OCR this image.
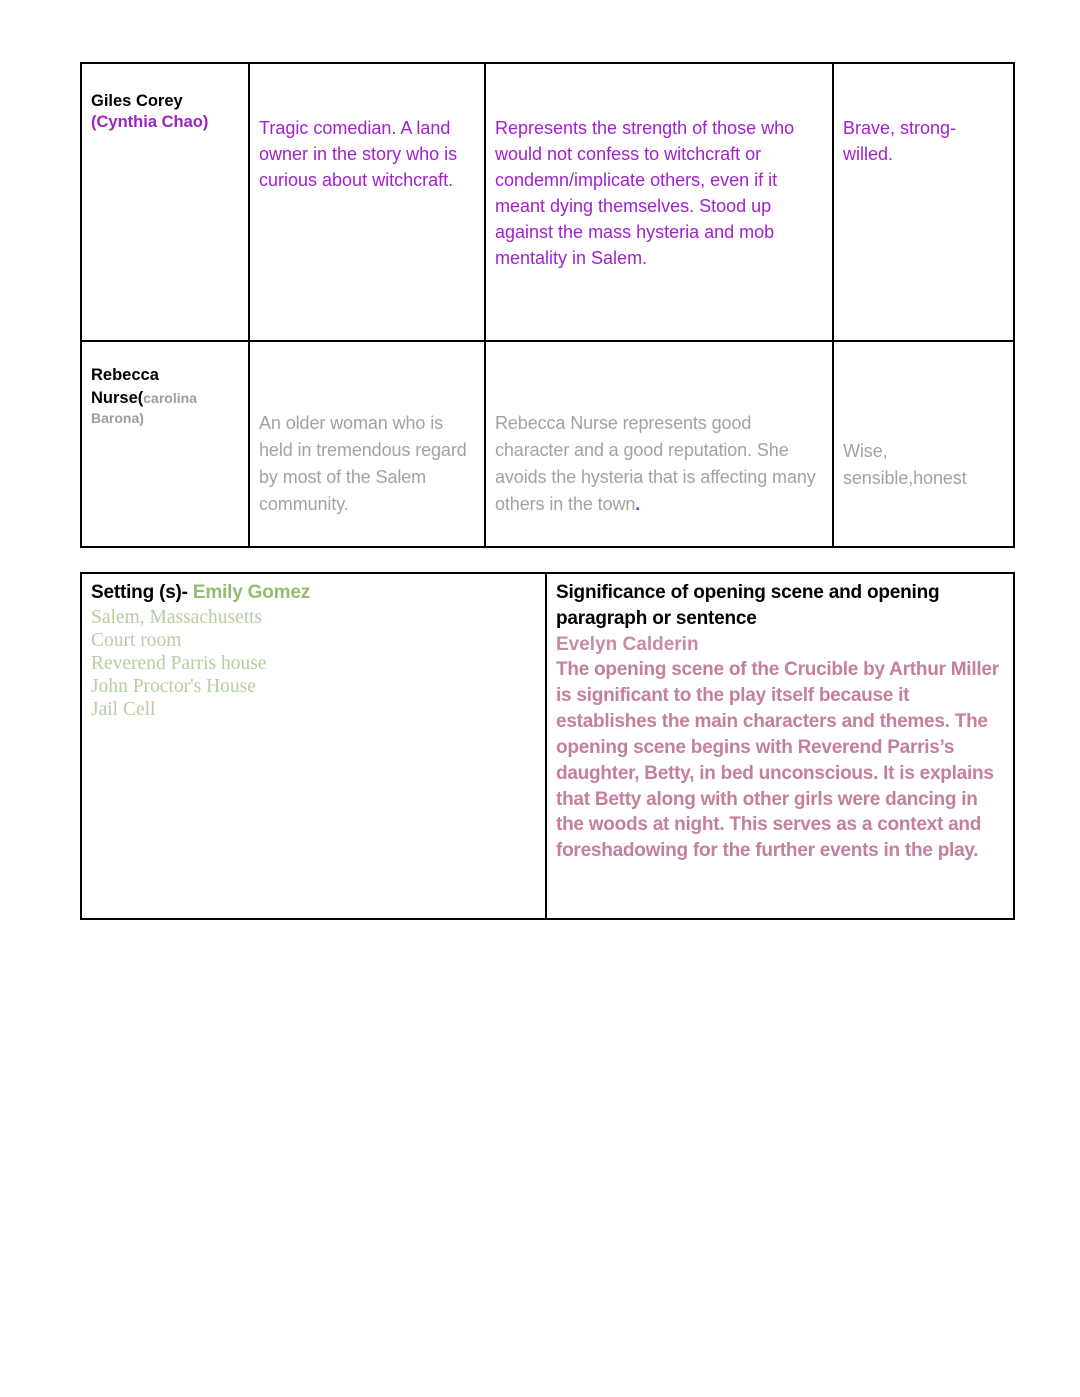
Giles Corey
(Cynthia Chao)	Tragic comedian. A land owner in the story who is curious about witchcraft.	Represents the strength of those who would not confess to witchcraft or condemn/implicate others, even if it meant dying themselves. Stood up against the mass hysteria and mob mentality in Salem.	Brave, strong-willed.

Rebecca Nurse(carolina Barona)	An older woman who is held in tremendous regard by most of the Salem community.	Rebecca Nurse represents good character and a good reputation. She avoids the hysteria that is affecting many others in the town.	Wise, sensible,honest
Setting (s)- Emily Gomez
Salem, Massachusetts
Court room
Reverend Parris house
John Proctor's House
Jail Cell

Significance of opening scene and opening paragraph or sentence
Evelyn Calderin

The opening scene of the Crucible by Arthur Miller is significant to the play itself because it establishes the main characters and themes. The opening scene begins with Reverend Parris’s daughter, Betty, in bed unconscious. It is explains that Betty along with other girls were dancing in the woods at night. This serves as a context and foreshadowing for the further events in the play.
